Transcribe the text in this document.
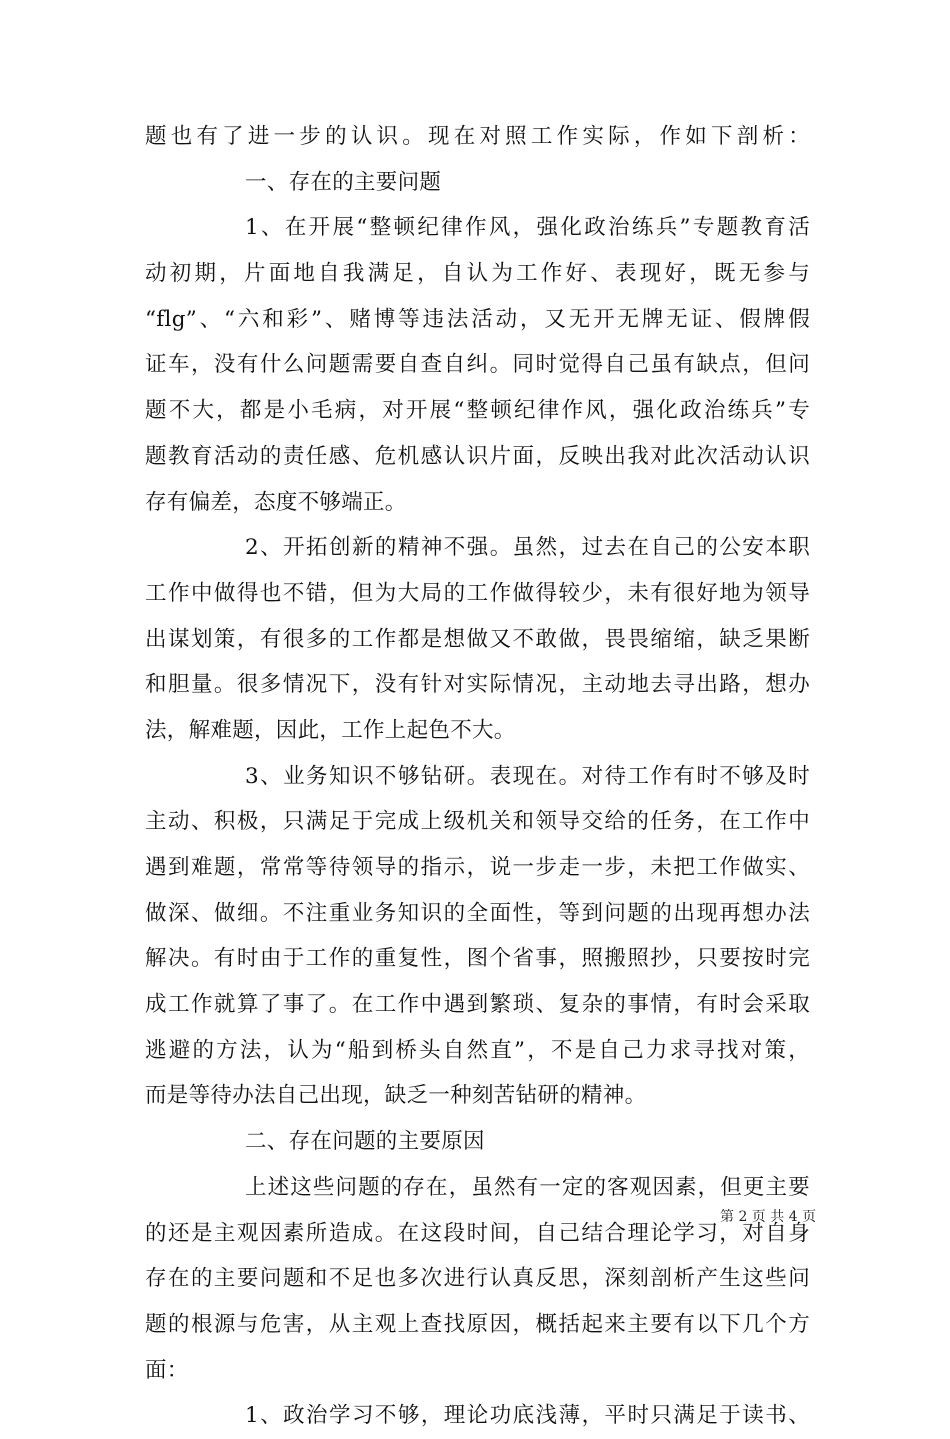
题也有了进一步的认识。现在对照工作实际，作如下剖析：
一、存在的主要问题
1、在开展“整顿纪律作风，强化政治练兵”专题教育活
动初期，片面地自我满足，自认为工作好、表现好，既无参与
“flg”、“六和彩”、赌博等违法活动，又无开无牌无证、假牌假
证车，没有什么问题需要自查自纠。同时觉得自己虽有缺点，但问
题不大，都是小毛病，对开展“整顿纪律作风，强化政治练兵”专
题教育活动的责任感、危机感认识片面，反映出我对此次活动认识
存有偏差，态度不够端正。
2、开拓创新的精神不强。虽然，过去在自己的公安本职
工作中做得也不错，但为大局的工作做得较少，未有很好地为领导
出谋划策，有很多的工作都是想做又不敢做，畏畏缩缩，缺乏果断
和胆量。很多情况下，没有针对实际情况，主动地去寻出路，想办
法，解难题，因此，工作上起色不大。
3、业务知识不够钻研。表现在。对待工作有时不够及时
主动、积极，只满足于完成上级机关和领导交给的任务，在工作中
遇到难题，常常等待领导的指示，说一步走一步，未把工作做实、
做深、做细。不注重业务知识的全面性，等到问题的出现再想办法
解决。有时由于工作的重复性，图个省事，照搬照抄，只要按时完
成工作就算了事了。在工作中遇到繁琐、复杂的事情，有时会采取
逃避的方法，认为“船到桥头自然直”，不是自己力求寻找对策，
而是等待办法自己出现，缺乏一种刻苦钻研的精神。
二、存在问题的主要原因
上述这些问题的存在，虽然有一定的客观因素，但更主要
的还是主观因素所造成。在这段时间，自己结合理论学习，对自身
存在的主要问题和不足也多次进行认真反思，深刻剖析产生这些问
题的根源与危害，从主观上查找原因，概括起来主要有以下几个方
面：
1、政治学习不够，理论功底浅薄，平时只满足于读书、
第 2 页 共 4 页
